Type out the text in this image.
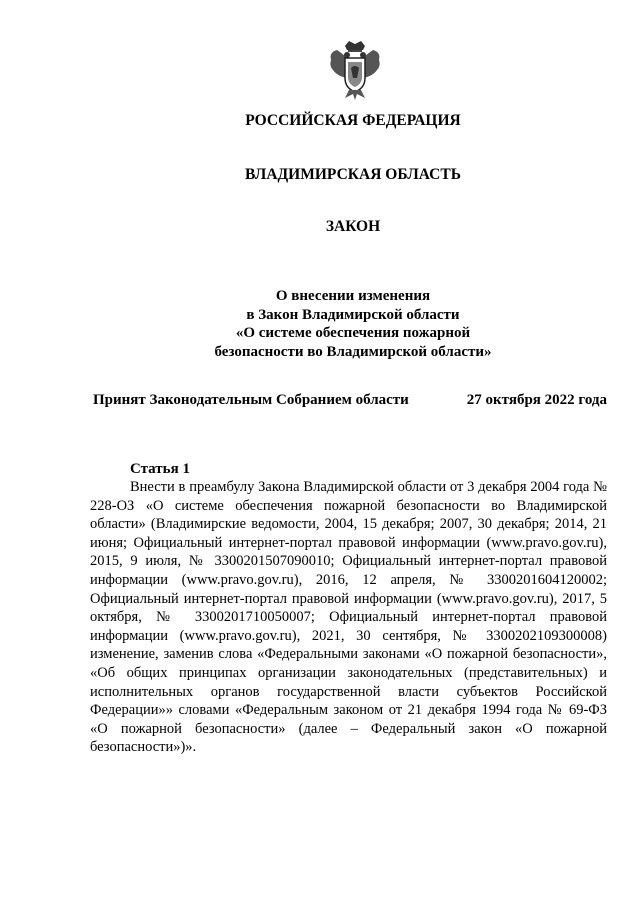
РОССИЙСКАЯ ФЕДЕРАЦИЯ
ВЛАДИМИРСКАЯ ОБЛАСТЬ
ЗАКОН
О внесении изменения
в Закон Владимирской области
«О системе обеспечения пожарной
безопасности во Владимирской области»
Принят Законодательным Собранием области	27 октября 2022 года
Статья 1

Внести в преамбулу Закона Владимирской области от 3 декабря 2004 года № 228-ОЗ «О системе обеспечения пожарной безопасности во Владимирской области» (Владимирские ведомости, 2004, 15 декабря; 2007, 30 декабря; 2014, 21 июня; Официальный интернет-портал правовой информации (www.pravo.gov.ru), 2015, 9 июля, № 3300201507090010; Официальный интернет-портал правовой информации (www.pravo.gov.ru), 2016, 12 апреля, № 3300201604120002; Официальный интернет-портал правовой информации (www.pravo.gov.ru), 2017, 5 октября, № 3300201710050007; Официальный интернет-портал правовой информации (www.pravo.gov.ru), 2021, 30 сентября, № 3300202109300008) изменение, заменив слова «Федеральными законами «О пожарной безопасности», «Об общих принципах организации законодательных (представительных) и исполнительных органов государственной власти субъектов Российской Федерации»» словами «Федеральным законом от 21 декабря 1994 года № 69-ФЗ «О пожарной безопасности» (далее – Федеральный закон «О пожарной безопасности»)».
